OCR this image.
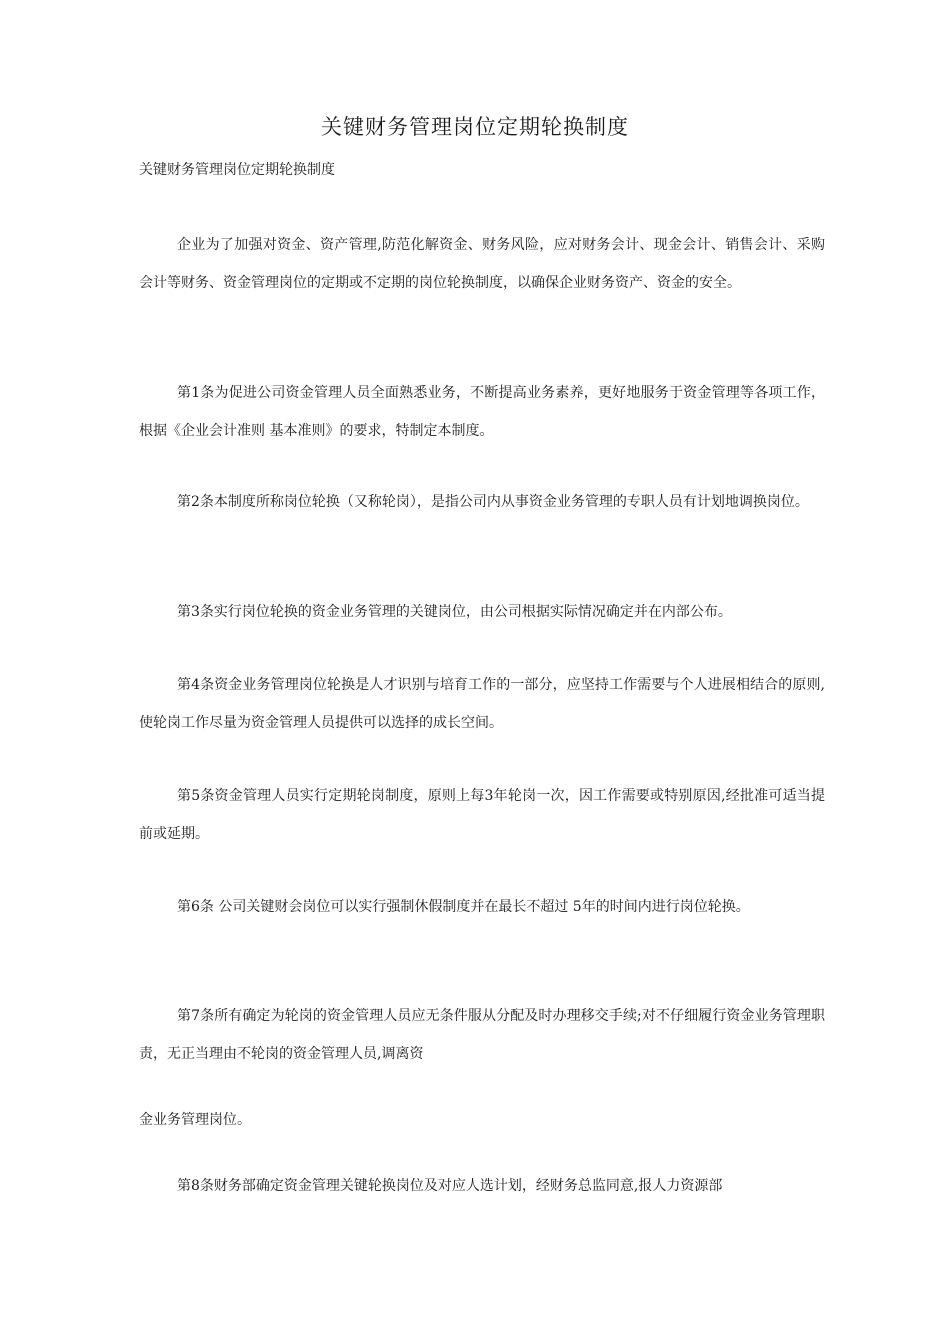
关键财务管理岗位定期轮换制度

关键财务管理岗位定期轮换制度

企业为了加强对资金、资产管理,防范化解资金、财务风险，应对财务会计、现金会计、销售会计、采购会计等财务、资金管理岗位的定期或不定期的岗位轮换制度，以确保企业财务资产、资金的安全。

第1条为促进公司资金管理人员全面熟悉业务，不断提高业务素养，更好地服务于资金管理等各项工作，根据《企业会计准则 基本准则》的要求，特制定本制度。

第2条本制度所称岗位轮换（又称轮岗），是指公司内从事资金业务管理的专职人员有计划地调换岗位。

第3条实行岗位轮换的资金业务管理的关键岗位，由公司根据实际情况确定并在内部公布。

第4条资金业务管理岗位轮换是人才识别与培育工作的一部分，应坚持工作需要与个人进展相结合的原则,使轮岗工作尽量为资金管理人员提供可以选择的成长空间。

第5条资金管理人员实行定期轮岗制度，原则上每3年轮岗一次，因工作需要或特别原因,经批准可适当提前或延期。

第6条 公司关键财会岗位可以实行强制休假制度并在最长不超过 5年的时间内进行岗位轮换。

第7条所有确定为轮岗的资金管理人员应无条件服从分配及时办理移交手续;对不仔细履行资金业务管理职责，无正当理由不轮岗的资金管理人员,调离资

金业务管理岗位。

第8条财务部确定资金管理关键轮换岗位及对应人选计划，经财务总监同意,报人力资源部
